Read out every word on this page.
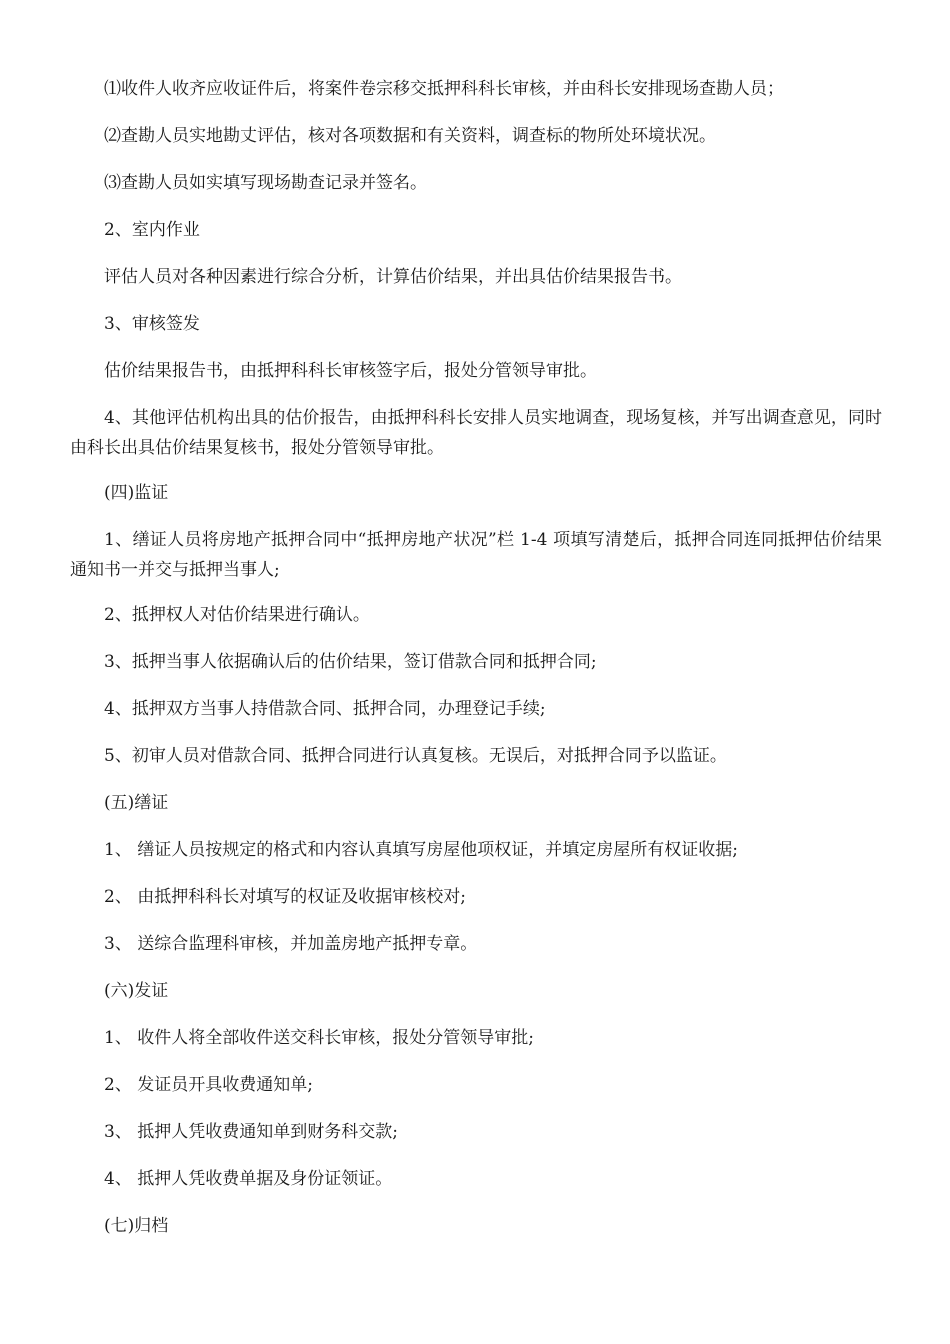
⑴收件人收齐应收证件后，将案件卷宗移交抵押科科长审核，并由科长安排现场查勘人员；
⑵查勘人员实地勘丈评估，核对各项数据和有关资料，调查标的物所处环境状况。
⑶查勘人员如实填写现场勘查记录并签名。
2、室内作业
评估人员对各种因素进行综合分析，计算估价结果，并出具估价结果报告书。
3、审核签发
估价结果报告书，由抵押科科长审核签字后，报处分管领导审批。
4、其他评估机构出具的估价报告，由抵押科科长安排人员实地调查，现场复核，并写出调查意见，同时由科长出具估价结果复核书，报处分管领导审批。
(四)监证
1、缮证人员将房地产抵押合同中“抵押房地产状况”栏 1-4 项填写清楚后，抵押合同连同抵押估价结果通知书一并交与抵押当事人;
2、抵押权人对估价结果进行确认。
3、抵押当事人依据确认后的估价结果，签订借款合同和抵押合同;
4、抵押双方当事人持借款合同、抵押合同，办理登记手续;
5、初审人员对借款合同、抵押合同进行认真复核。无误后，对抵押合同予以监证。
(五)缮证
1、 缮证人员按规定的格式和内容认真填写房屋他项权证，并填定房屋所有权证收据;
2、 由抵押科科长对填写的权证及收据审核校对;
3、 送综合监理科审核，并加盖房地产抵押专章。
(六)发证
1、 收件人将全部收件送交科长审核，报处分管领导审批;
2、 发证员开具收费通知单;
3、 抵押人凭收费通知单到财务科交款;
4、 抵押人凭收费单据及身份证领证。
(七)归档
